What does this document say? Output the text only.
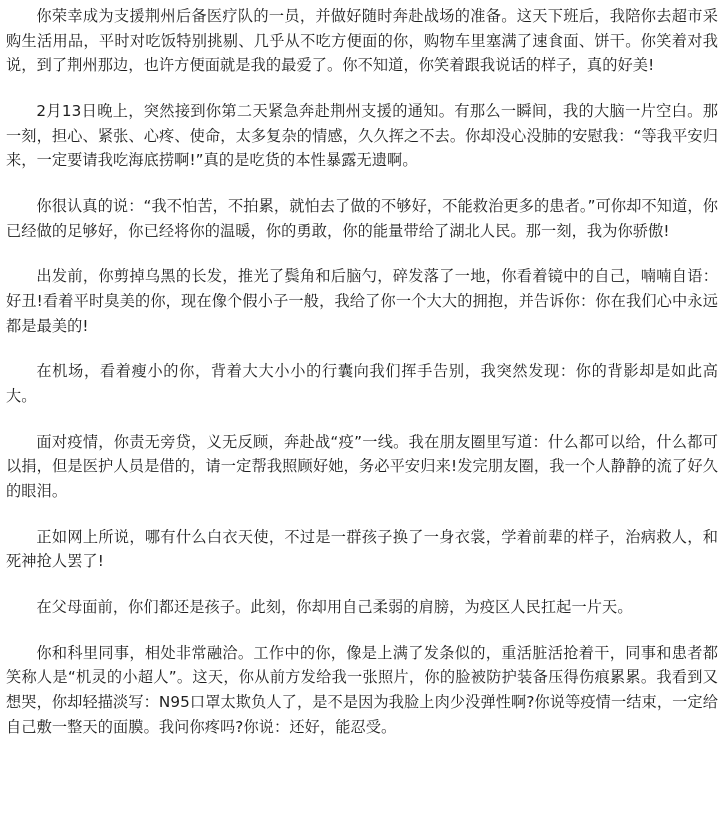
你荣幸成为支援荆州后备医疗队的一员，并做好随时奔赴战场的准备。这天下班后，我陪你去超市采购生活用品，平时对吃饭特别挑剔、几乎从不吃方便面的你，购物车里塞满了速食面、饼干。你笑着对我说，到了荆州那边，也许方便面就是我的最爱了。你不知道，你笑着跟我说话的样子，真的好美!

2月13日晚上，突然接到你第二天紧急奔赴荆州支援的通知。有那么一瞬间，我的大脑一片空白。那一刻，担心、紧张、心疼、使命，太多复杂的情感，久久挥之不去。你却没心没肺的安慰我：“等我平安归来，一定要请我吃海底捞啊!”真的是吃货的本性暴露无遗啊。

你很认真的说：“我不怕苦，不拍累，就怕去了做的不够好，不能救治更多的患者。”可你却不知道，你已经做的足够好，你已经将你的温暖，你的勇敢，你的能量带给了湖北人民。那一刻，我为你骄傲!

出发前，你剪掉乌黑的长发，推光了鬓角和后脑勺，碎发落了一地，你看着镜中的自己，喃喃自语：好丑!看着平时臭美的你，现在像个假小子一般，我给了你一个大大的拥抱，并告诉你：你在我们心中永远都是最美的!

在机场，看着瘦小的你，背着大大小小的行囊向我们挥手告别，我突然发现：你的背影却是如此高大。

面对疫情，你责无旁贷，义无反顾，奔赴战“疫”一线。我在朋友圈里写道：什么都可以给，什么都可以捐，但是医护人员是借的，请一定帮我照顾好她，务必平安归来!发完朋友圈，我一个人静静的流了好久的眼泪。

正如网上所说，哪有什么白衣天使，不过是一群孩子换了一身衣裳，学着前辈的样子，治病救人，和死神抢人罢了!

在父母面前，你们都还是孩子。此刻，你却用自己柔弱的肩膀，为疫区人民扛起一片天。

你和科里同事，相处非常融洽。工作中的你，像是上满了发条似的，重活脏活抢着干，同事和患者都笑称人是“机灵的小超人”。这天，你从前方发给我一张照片，你的脸被防护装备压得伤痕累累。我看到又想哭，你却轻描淡写：N95口罩太欺负人了，是不是因为我脸上肉少没弹性啊?你说等疫情一结束，一定给自己敷一整天的面膜。我问你疼吗?你说：还好，能忍受。
